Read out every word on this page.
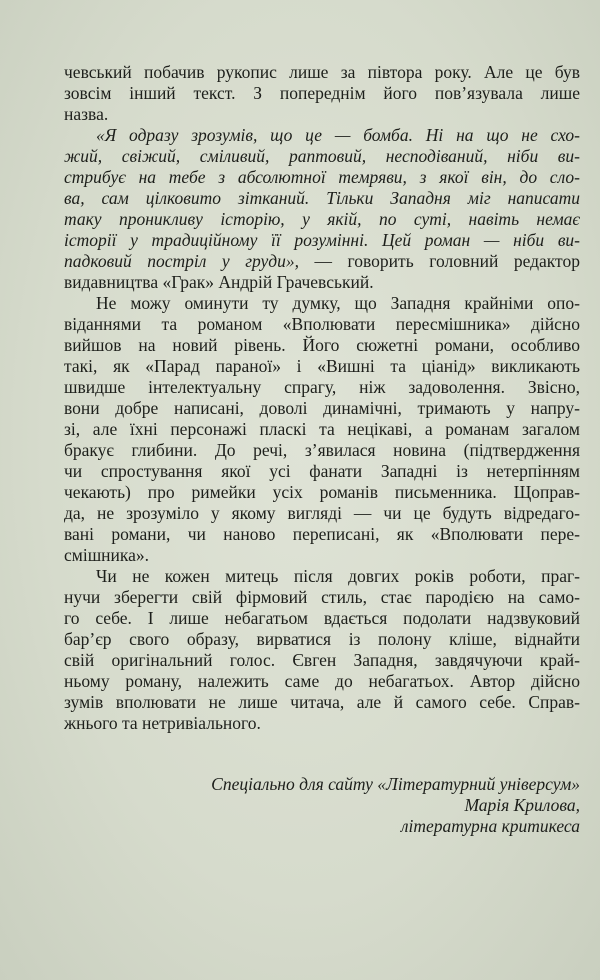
чевський побачив рукопис лише за півтора року. Але це був
зовсім інший текст. З попереднім його пов’язувала лише
назва.
«Я одразу зрозумів, що це — бомба. Ні на що не схо-
жий, свіжий, сміливий, раптовий, несподіваний, ніби ви-
стрибує на тебе з абсолютної темряви, з якої він, до сло-
ва, сам цілковито зітканий. Тільки Западня міг написати
таку проникливу історію, у якій, по суті, навіть немає
історії у традиційному її розумінні. Цей роман — ніби ви-
падковий постріл у груди», — говорить головний редактор
видавництва «Грак» Андрій Грачевський.
Не можу оминути ту думку, що Западня крайніми опо-
віданнями та романом «Вполювати пересмішника» дійсно
вийшов на новий рівень. Його сюжетні романи, особливо
такі, як «Парад параної» і «Вишні та ціанід» викликають
швидше інтелектуальну спрагу, ніж задоволення. Звісно,
вони добре написані, доволі динамічні, тримають у напру-
зі, але їхні персонажі пласкі та нецікаві, а романам загалом
бракує глибини. До речі, з’явилася новина (підтвердження
чи спростування якої усі фанати Западні із нетерпінням
чекають) про римейки усіх романів письменника. Щоправ-
да, не зрозуміло у якому вигляді — чи це будуть відредаго-
вані романи, чи наново переписані, як «Вполювати пере-
смішника».
Чи не кожен митець після довгих років роботи, праг-
нучи зберегти свій фірмовий стиль, стає пародією на само-
го себе. І лише небагатьом вдається подолати надзвуковий
бар’єр свого образу, вирватися із полону кліше, віднайти
свій оригінальний голос. Євген Западня, завдячуючи край-
ньому роману, належить саме до небагатьох. Автор дійсно
зумів вполювати не лише читача, але й самого себе. Справ-
жнього та нетривіального.
Спеціально для сайту «Літературний універсум»
Марія Крилова,
літературна критикеса
